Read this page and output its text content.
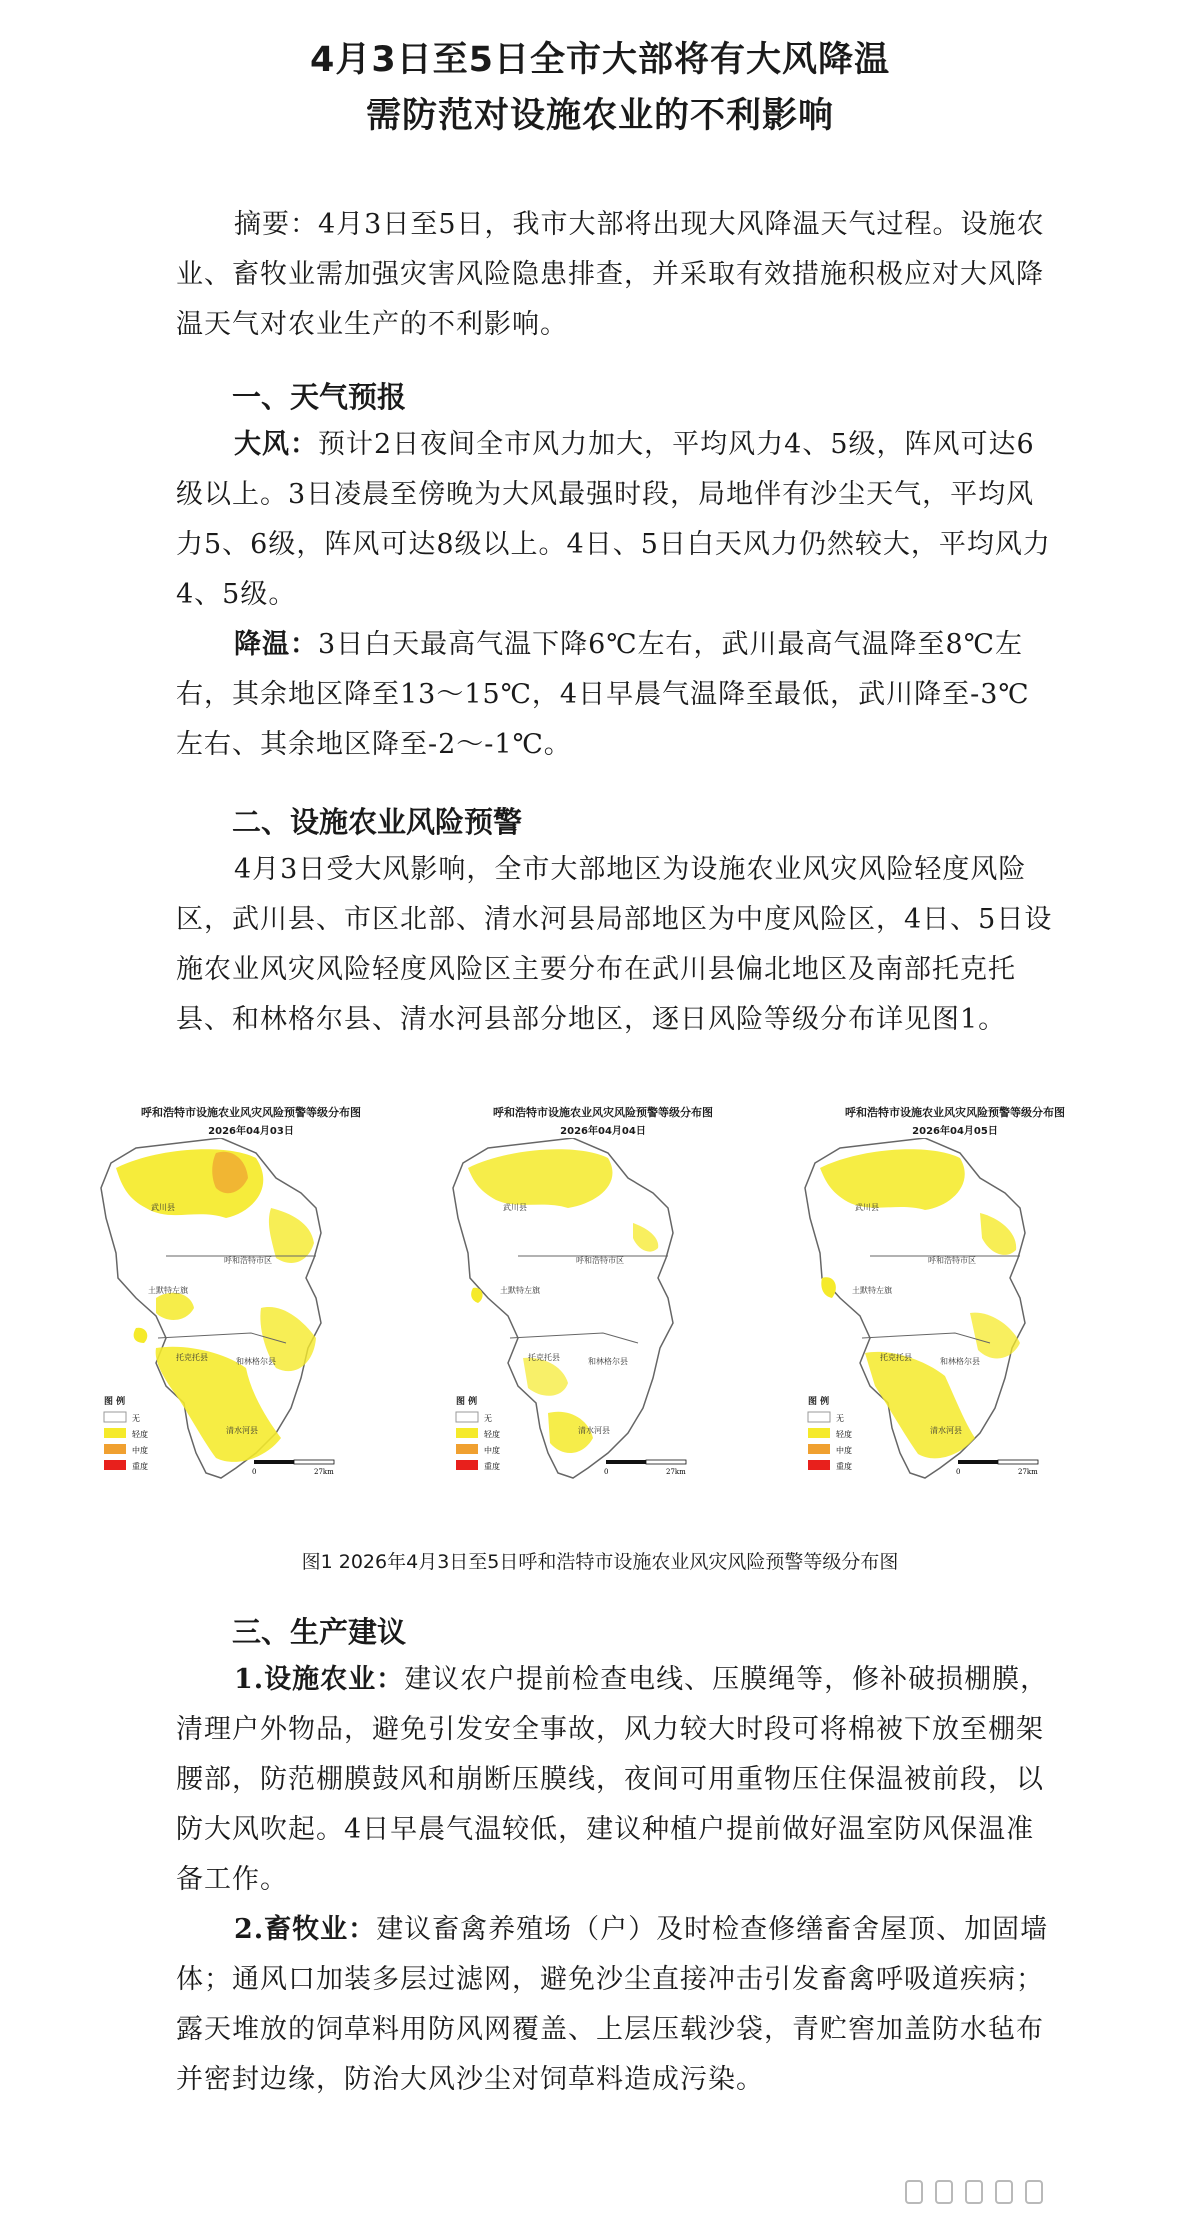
4月3日至5日全市大部将有大风降温
需防范对设施农业的不利影响

摘要：4月3日至5日，我市大部将出现大风降温天气过程。设施农业、畜牧业需加强灾害风险隐患排查，并采取有效措施积极应对大风降温天气对农业生产的不利影响。

一、天气预报

大风：预计2日夜间全市风力加大，平均风力4、5级，阵风可达6级以上。3日凌晨至傍晚为大风最强时段，局地伴有沙尘天气，平均风力5、6级，阵风可达8级以上。4日、5日白天风力仍然较大，平均风力4、5级。

降温：3日白天最高气温下降6℃左右，武川最高气温降至8℃左右，其余地区降至13～15℃，4日早晨气温降至最低，武川降至-3℃左右、其余地区降至-2～-1℃。

二、设施农业风险预警

4月3日受大风影响，全市大部地区为设施农业风灾风险轻度风险区，武川县、市区北部、清水河县局部地区为中度风险区，4日、5日设施农业风灾风险轻度风险区主要分布在武川县偏北地区及南部托克托县、和林格尔县、清水河县部分地区，逐日风险等级分布详见图1。

呼和浩特市设施农业风灾风险预警等级分布图
2026年04月03日
武川县
呼和浩特市区
土默特左旗
托克托县	和林格尔县
清水河县
图 例
无
轻度
中度
重度
0	27km
呼和浩特市设施农业风灾风险预警等级分布图
2026年04月04日
武川县
呼和浩特市区
土默特左旗
托克托县	和林格尔县
清水河县
图 例
无
轻度
中度
重度
0	27km
呼和浩特市设施农业风灾风险预警等级分布图
2026年04月05日
武川县
呼和浩特市区
土默特左旗
托克托县	和林格尔县
清水河县
图 例
无
轻度
中度
重度
0	27km
图1 2026年4月3日至5日呼和浩特市设施农业风灾风险预警等级分布图
三、生产建议

1.设施农业：建议农户提前检查电线、压膜绳等，修补破损棚膜，清理户外物品，避免引发安全事故，风力较大时段可将棉被下放至棚架腰部，防范棚膜鼓风和崩断压膜线，夜间可用重物压住保温被前段，以防大风吹起。4日早晨气温较低，建议种植户提前做好温室防风保温准备工作。

2.畜牧业：建议畜禽养殖场（户）及时检查修缮畜舍屋顶、加固墙体；通风口加装多层过滤网，避免沙尘直接冲击引发畜禽呼吸道疾病；露天堆放的饲草料用防风网覆盖、上层压载沙袋，青贮窖加盖防水毡布并密封边缘，防治大风沙尘对饲草料造成污染。
